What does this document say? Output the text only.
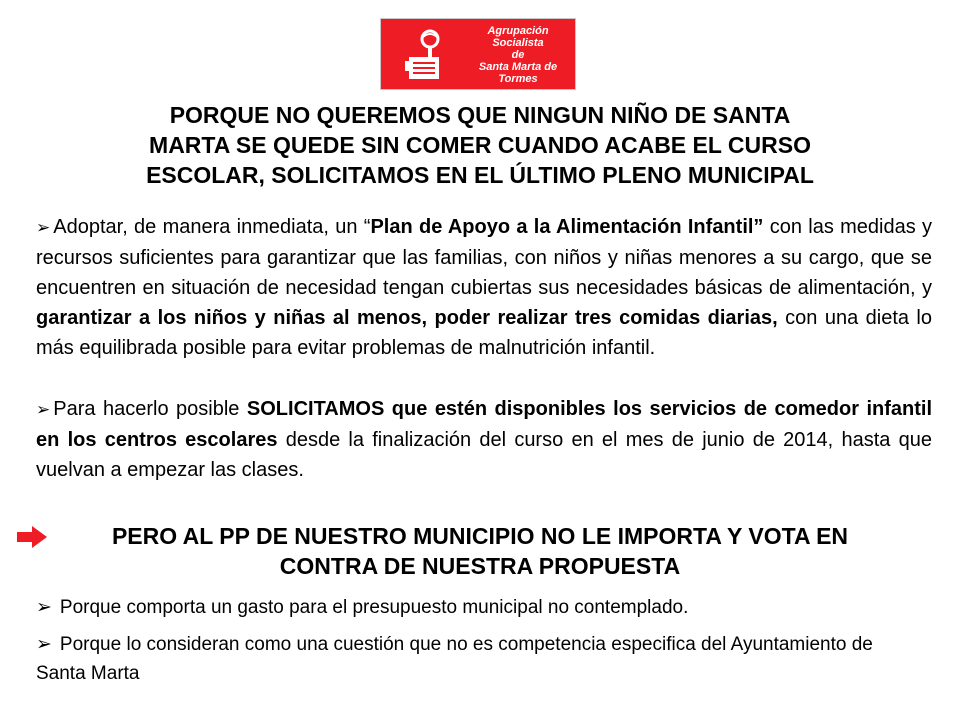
Agrupación Socialista
de
Santa Marta de Tormes
PSOE
PORQUE NO QUEREMOS QUE NINGUN NIÑO DE SANTA
MARTA SE QUEDE SIN COMER CUANDO ACABE EL CURSO
ESCOLAR, SOLICITAMOS EN EL ÚLTIMO PLENO MUNICIPAL
➢ Adoptar, de manera inmediata, un “Plan de Apoyo a la Alimentación Infantil” con las medidas y recursos suficientes para garantizar que las familias, con niños y niñas menores a su cargo, que se encuentren en situación de necesidad tengan cubiertas sus necesidades básicas de alimentación, y garantizar a los niños y niñas al menos, poder realizar tres comidas diarias, con una dieta lo más equilibrada posible para evitar problemas de malnutrición infantil.
➢ Para hacerlo posible SOLICITAMOS que estén disponibles los servicios de comedor infantil en los centros escolares desde la finalización del curso en el mes de junio de 2014, hasta que vuelvan a empezar las clases.
PERO AL PP DE NUESTRO MUNICIPIO NO LE IMPORTA Y VOTA EN
CONTRA DE NUESTRA PROPUESTA
➢ Porque comporta un gasto para el presupuesto municipal no contemplado.
➢ Porque lo consideran como una cuestión que no es competencia especifica del Ayuntamiento de Santa Marta
